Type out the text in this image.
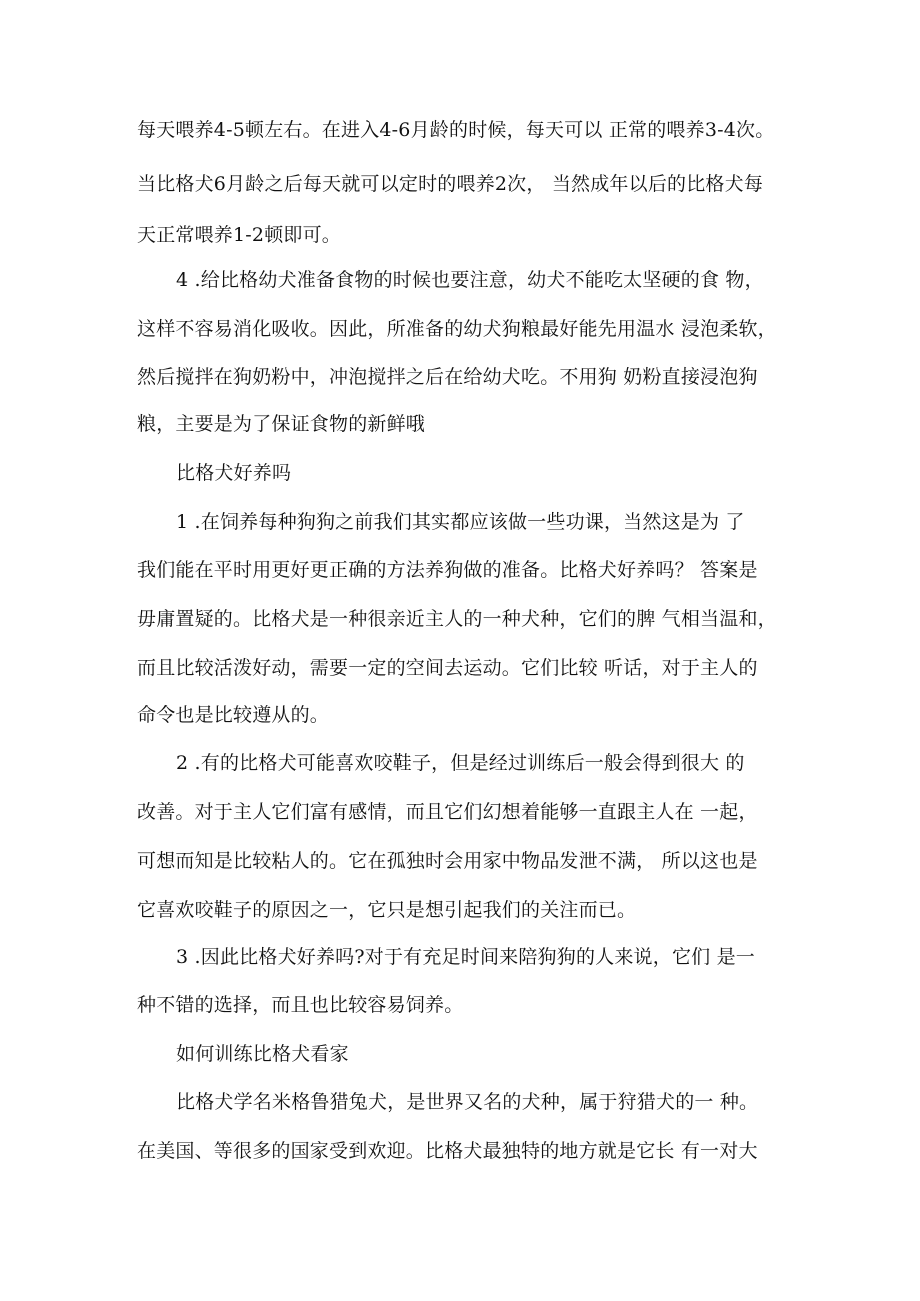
每天喂养4-5顿左右。在进入4-6月龄的时候，每天可以 正常的喂养3-4次。
当比格犬6月龄之后每天就可以定时的喂养2次， 当然成年以后的比格犬每
天正常喂养1-2顿即可。
4 .给比格幼犬准备食物的时候也要注意，幼犬不能吃太坚硬的食 物，
这样不容易消化吸收。因此，所准备的幼犬狗粮最好能先用温水 浸泡柔软，
然后搅拌在狗奶粉中，冲泡搅拌之后在给幼犬吃。不用狗 奶粉直接浸泡狗
粮，主要是为了保证食物的新鲜哦
比格犬好养吗
1 .在饲养每种狗狗之前我们其实都应该做一些功课，当然这是为 了
我们能在平时用更好更正确的方法养狗做的准备。比格犬好养吗？ 答案是
毋庸置疑的。比格犬是一种很亲近主人的一种犬种，它们的脾 气相当温和，
而且比较活泼好动，需要一定的空间去运动。它们比较 听话，对于主人的
命令也是比较遵从的。
2 .有的比格犬可能喜欢咬鞋子，但是经过训练后一般会得到很大 的
改善。对于主人它们富有感情，而且它们幻想着能够一直跟主人在 一起，
可想而知是比较粘人的。它在孤独时会用家中物品发泄不满， 所以这也是
它喜欢咬鞋子的原因之一，它只是想引起我们的关注而已。
3 .因此比格犬好养吗?对于有充足时间来陪狗狗的人来说，它们 是一
种不错的选择，而且也比较容易饲养。
如何训练比格犬看家
比格犬学名米格鲁猎兔犬，是世界又名的犬种，属于狩猎犬的一 种。
在美国、等很多的国家受到欢迎。比格犬最独特的地方就是它长 有一对大
